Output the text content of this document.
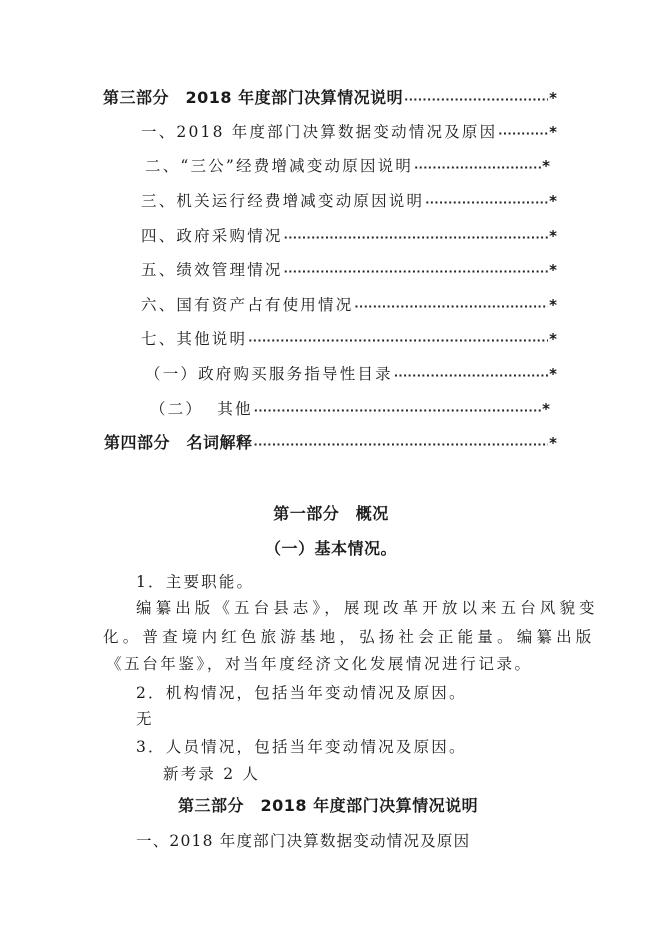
第三部分　2018 年度部门决算情况说明 ·····	*
一、2018 年度部门决算数据变动情况及原因 ·····	*
二、“三公”经费增减变动原因说明 ·····	*
三、机关运行经费增减变动原因说明 ·····	*
四、政府采购情况 ·····	*
五、绩效管理情况 ·····	*
六、国有资产占有使用情况 ·····	*
七、其他说明 ·····	*
（一）政府购买服务指导性目录 ·····	*
（二）  其他 ·····	*
第四部分　名词解释 ·····	*
第一部分　概况
（一）基本情况。
1．主要职能。
编纂出版《五台县志》，展现改革开放以来五台风貌变
化。普查境内红色旅游基地，弘扬社会正能量。编纂出版
《五台年鉴》，对当年度经济文化发展情况进行记录。
2．机构情况，包括当年变动情况及原因。
无
3．人员情况，包括当年变动情况及原因。
新考录 2 人
第三部分　2018 年度部门决算情况说明
一、2018 年度部门决算数据变动情况及原因
